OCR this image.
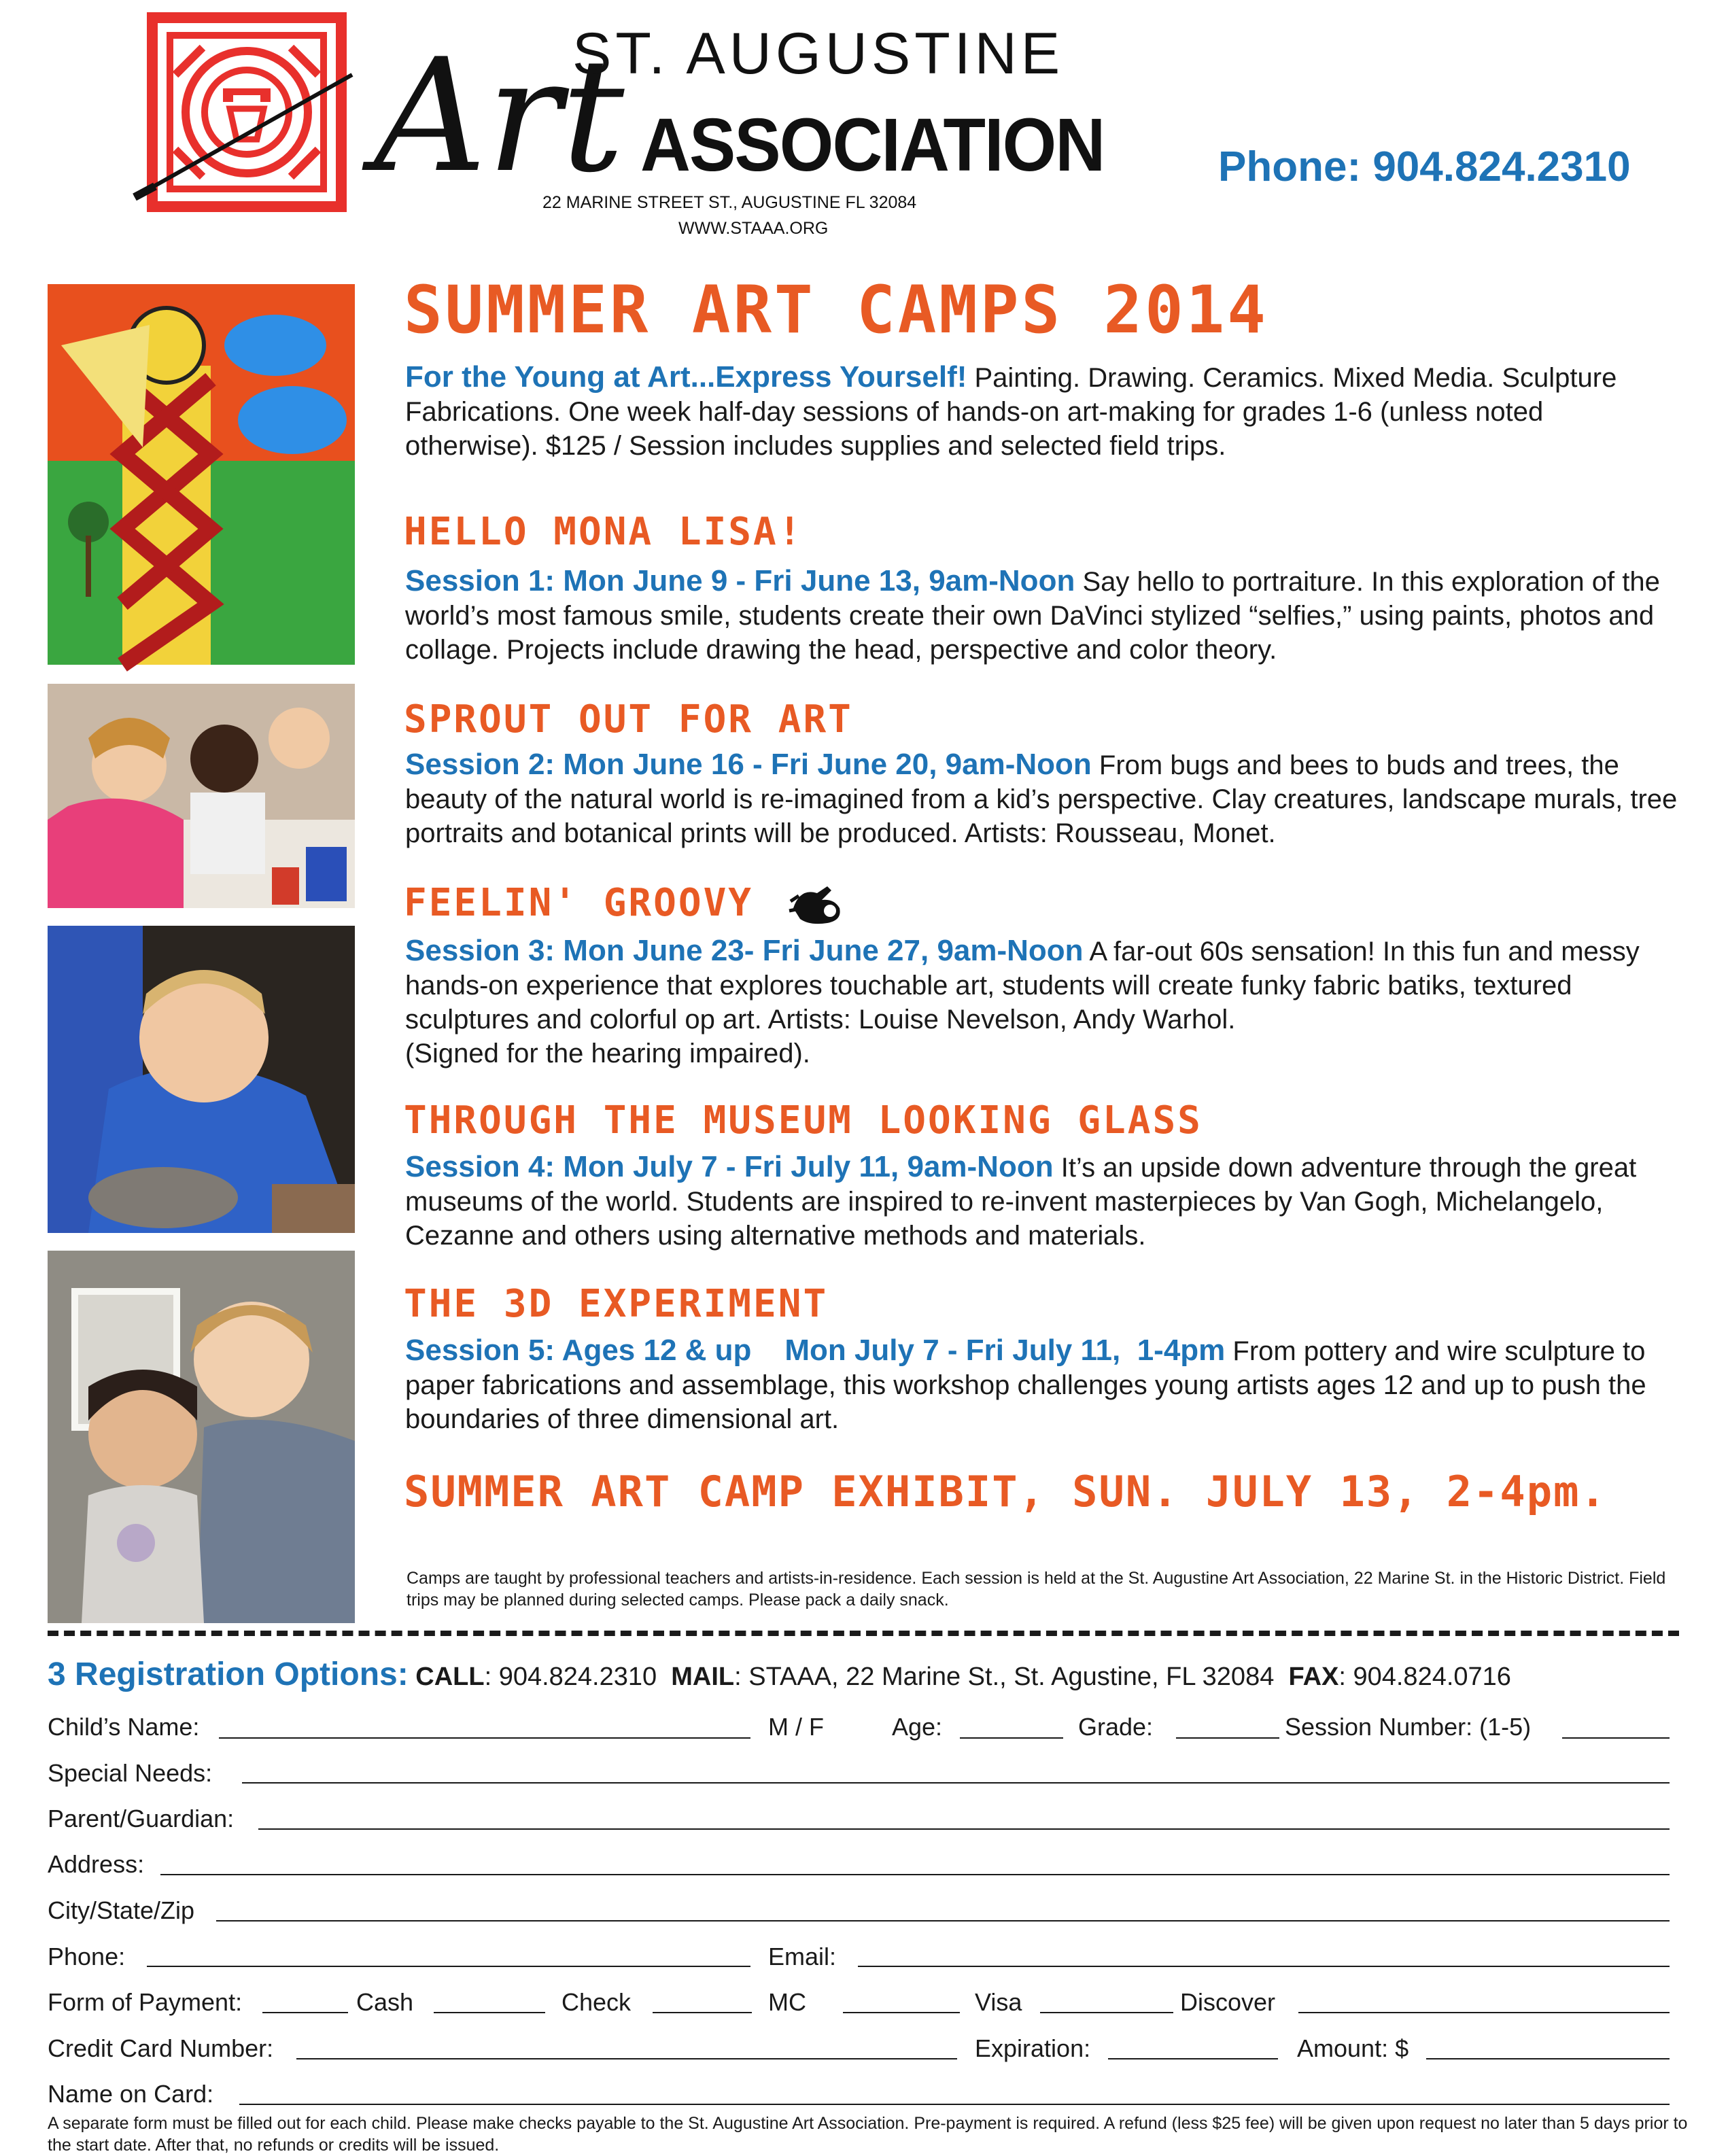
Art
ST. AUGUSTINE
ASSOCIATION
22 MARINE STREET ST., AUGUSTINE FL 32084
WWW.STAAA.ORG
Phone: 904.824.2310
SUMMER ART CAMPS 2014
For the Young at Art...Express Yourself! Painting. Drawing. Ceramics. Mixed Media. Sculpture Fabrications. One week half-day sessions of hands-on art-making for grades 1-6 (unless noted otherwise). $125 / Session includes supplies and selected field trips.
HELLO MONA LISA!
Session 1: Mon June 9 - Fri June 13, 9am-Noon Say hello to portraiture. In this exploration of the world’s most famous smile, students create their own DaVinci stylized “selfies,” using paints, photos and collage. Projects include drawing the head, perspective and color theory.
SPROUT OUT FOR ART
Session 2: Mon June 16 - Fri June 20, 9am-Noon From bugs and bees to buds and trees, the beauty of the natural world is re-imagined from a kid’s perspective. Clay creatures, landscape murals, tree portraits and botanical prints will be produced. Artists: Rousseau, Monet.
FEELIN' GROOVY
Session 3: Mon June 23- Fri June 27, 9am-Noon A far-out 60s sensation! In this fun and messy hands-on experience that explores touchable art, students will create funky fabric batiks, textured sculptures and colorful op art. Artists: Louise Nevelson, Andy Warhol.
(Signed for the hearing impaired).
THROUGH THE MUSEUM LOOKING GLASS
Session 4: Mon July 7 - Fri July 11, 9am-Noon It’s an upside down adventure through the great museums of the world. Students are inspired to re-invent masterpieces by Van Gogh, Michelangelo, Cezanne and others using alternative methods and materials.
THE 3D EXPERIMENT
Session 5: Ages 12 & up    Mon July 7 - Fri July 11,  1-4pm From pottery and wire sculpture to paper fabrications and assemblage, this workshop challenges young artists ages 12 and up to push the boundaries of three dimensional art.
SUMMER ART CAMP EXHIBIT, SUN. JULY 13, 2-4pm.
Camps are taught by professional teachers and artists-in-residence. Each session is held at the St. Augustine Art Association, 22 Marine St. in the Historic District. Field trips may be planned during selected camps. Please pack a daily snack.
3 Registration Options: CALL: 904.824.2310  MAIL: STAAA, 22 Marine St., St. Agustine, FL 32084  FAX: 904.824.0716
Child’s Name:	M / F	Age:	Grade:	Session Number: (1-5)
Special Needs:
Parent/Guardian:
Address:
City/State/Zip
Phone:	Email:
Form of Payment:	Cash	Check	MC	Visa	Discover
Credit Card Number:	Expiration:	Amount: $
Name on Card:
A separate form must be filled out for each child. Please make checks payable to the St. Augustine Art Association. Pre-payment is required. A refund (less $25 fee) will be given upon request no later than 5 days prior to the start date. After that, no refunds or credits will be issued.
